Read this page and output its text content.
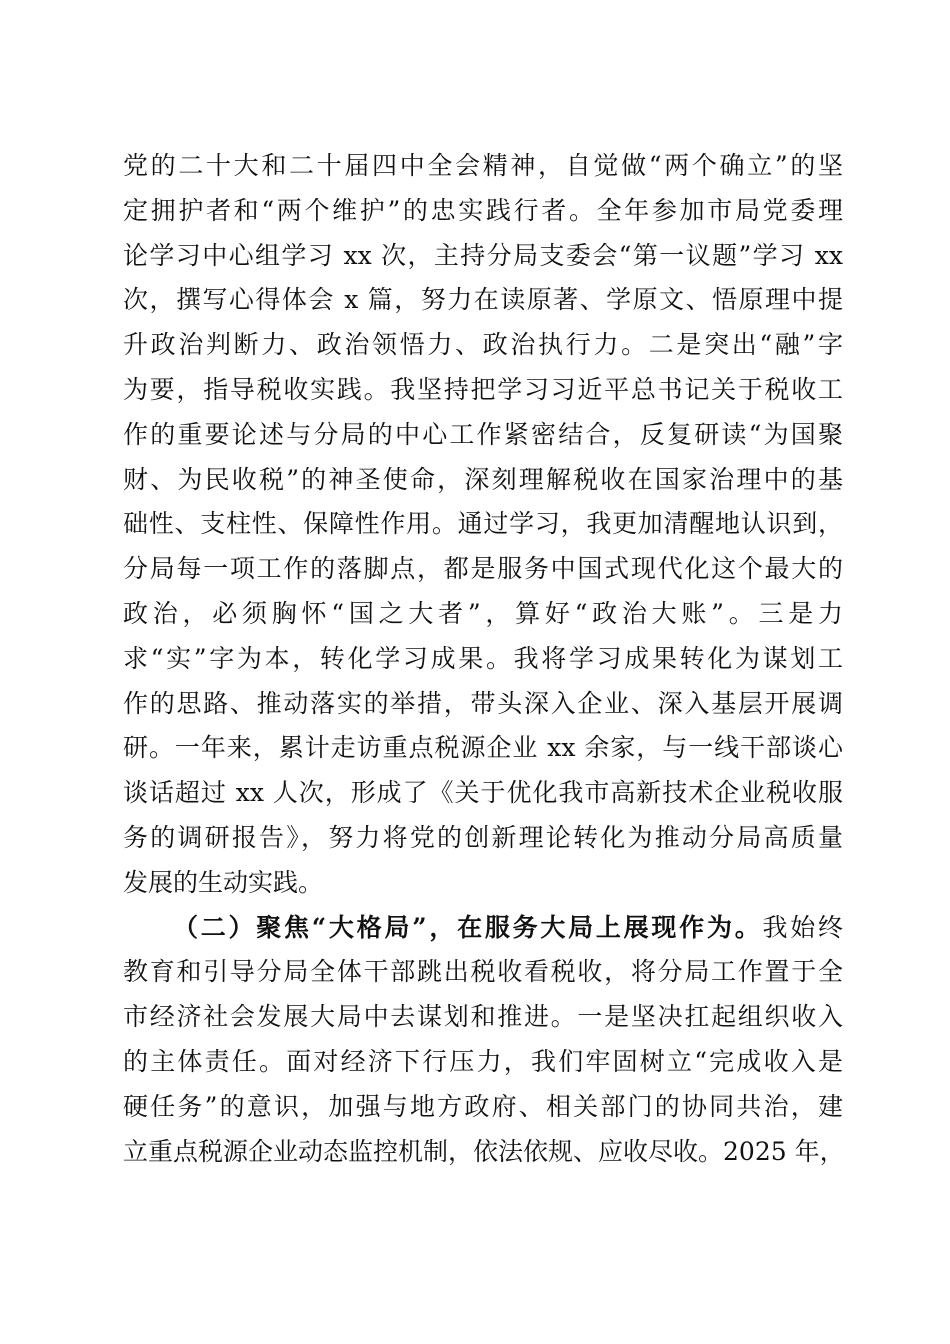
党的二十大和二十届四中全会精神，自觉做“两个确立”的坚
定拥护者和“两个维护”的忠实践行者。全年参加市局党委理
论学习中心组学习 xx 次，主持分局支委会“第一议题”学习 xx
次，撰写心得体会 x 篇，努力在读原著、学原文、悟原理中提
升政治判断力、政治领悟力、政治执行力。二是突出“融”字
为要，指导税收实践。我坚持把学习习近平总书记关于税收工
作的重要论述与分局的中心工作紧密结合，反复研读“为国聚
财、为民收税”的神圣使命，深刻理解税收在国家治理中的基
础性、支柱性、保障性作用。通过学习，我更加清醒地认识到，
分局每一项工作的落脚点，都是服务中国式现代化这个最大的
政治，必须胸怀“国之大者”，算好“政治大账”。三是力
求“实”字为本，转化学习成果。我将学习成果转化为谋划工
作的思路、推动落实的举措，带头深入企业、深入基层开展调
研。一年来，累计走访重点税源企业 xx 余家，与一线干部谈心
谈话超过 xx 人次，形成了《关于优化我市高新技术企业税收服
务的调研报告》，努力将党的创新理论转化为推动分局高质量
发展的生动实践。
（二）聚焦“大格局”，在服务大局上展现作为。我始终
教育和引导分局全体干部跳出税收看税收，将分局工作置于全
市经济社会发展大局中去谋划和推进。一是坚决扛起组织收入
的主体责任。面对经济下行压力，我们牢固树立“完成收入是
硬任务”的意识，加强与地方政府、相关部门的协同共治，建
立重点税源企业动态监控机制，依法依规、应收尽收。2025 年，
